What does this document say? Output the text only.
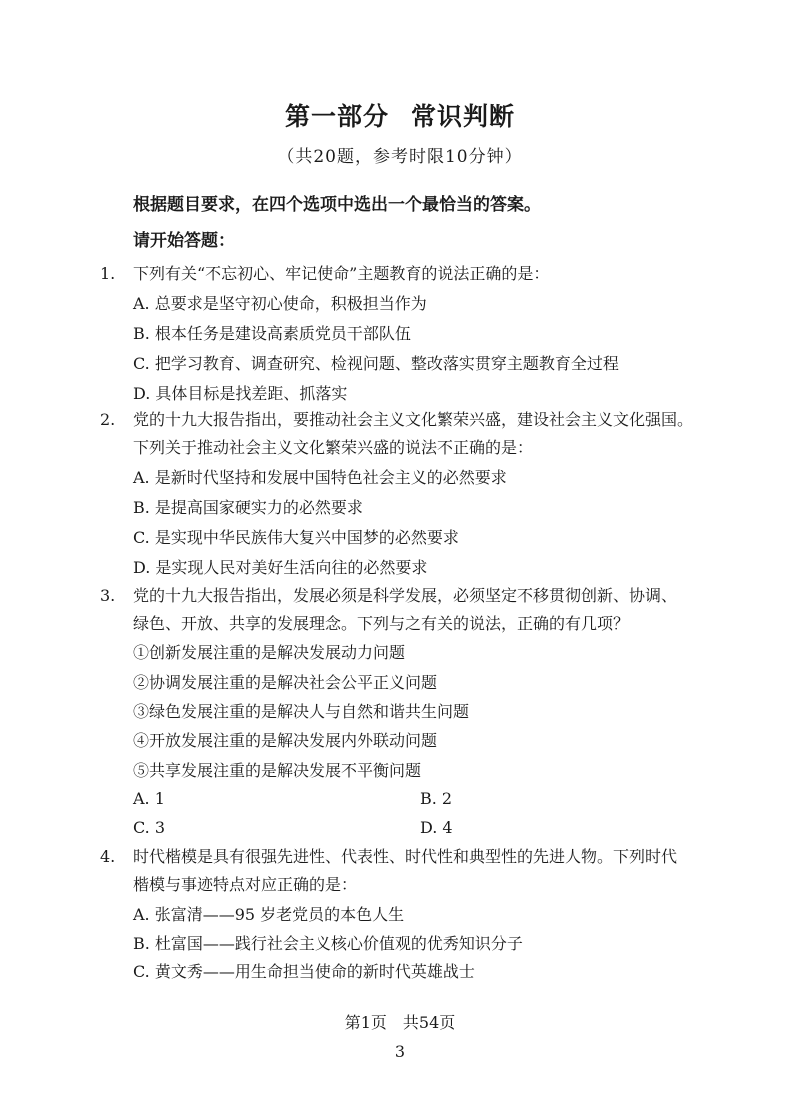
第一部分 常识判断
（共20题，参考时限10分钟）
根据题目要求，在四个选项中选出一个最恰当的答案。
请开始答题：
1. 下列有关“不忘初心、牢记使命”主题教育的说法正确的是：
A. 总要求是坚守初心使命，积极担当作为
B. 根本任务是建设高素质党员干部队伍
C. 把学习教育、调查研究、检视问题、整改落实贯穿主题教育全过程
D. 具体目标是找差距、抓落实
2. 党的十九大报告指出，要推动社会主义文化繁荣兴盛，建设社会主义文化强国。
下列关于推动社会主义文化繁荣兴盛的说法不正确的是：
A. 是新时代坚持和发展中国特色社会主义的必然要求
B. 是提高国家硬实力的必然要求
C. 是实现中华民族伟大复兴中国梦的必然要求
D. 是实现人民对美好生活向往的必然要求
3. 党的十九大报告指出，发展必须是科学发展，必须坚定不移贯彻创新、协调、
绿色、开放、共享的发展理念。下列与之有关的说法，正确的有几项？
①创新发展注重的是解决发展动力问题
②协调发展注重的是解决社会公平正义问题
③绿色发展注重的是解决人与自然和谐共生问题
④开放发展注重的是解决发展内外联动问题
⑤共享发展注重的是解决发展不平衡问题
A. 1	B. 2
C. 3	D. 4
4. 时代楷模是具有很强先进性、代表性、时代性和典型性的先进人物。下列时代
楷模与事迹特点对应正确的是：
A. 张富清——95 岁老党员的本色人生
B. 杜富国——践行社会主义核心价值观的优秀知识分子
C. 黄文秀——用生命担当使命的新时代英雄战士
第1页　共54页
3
